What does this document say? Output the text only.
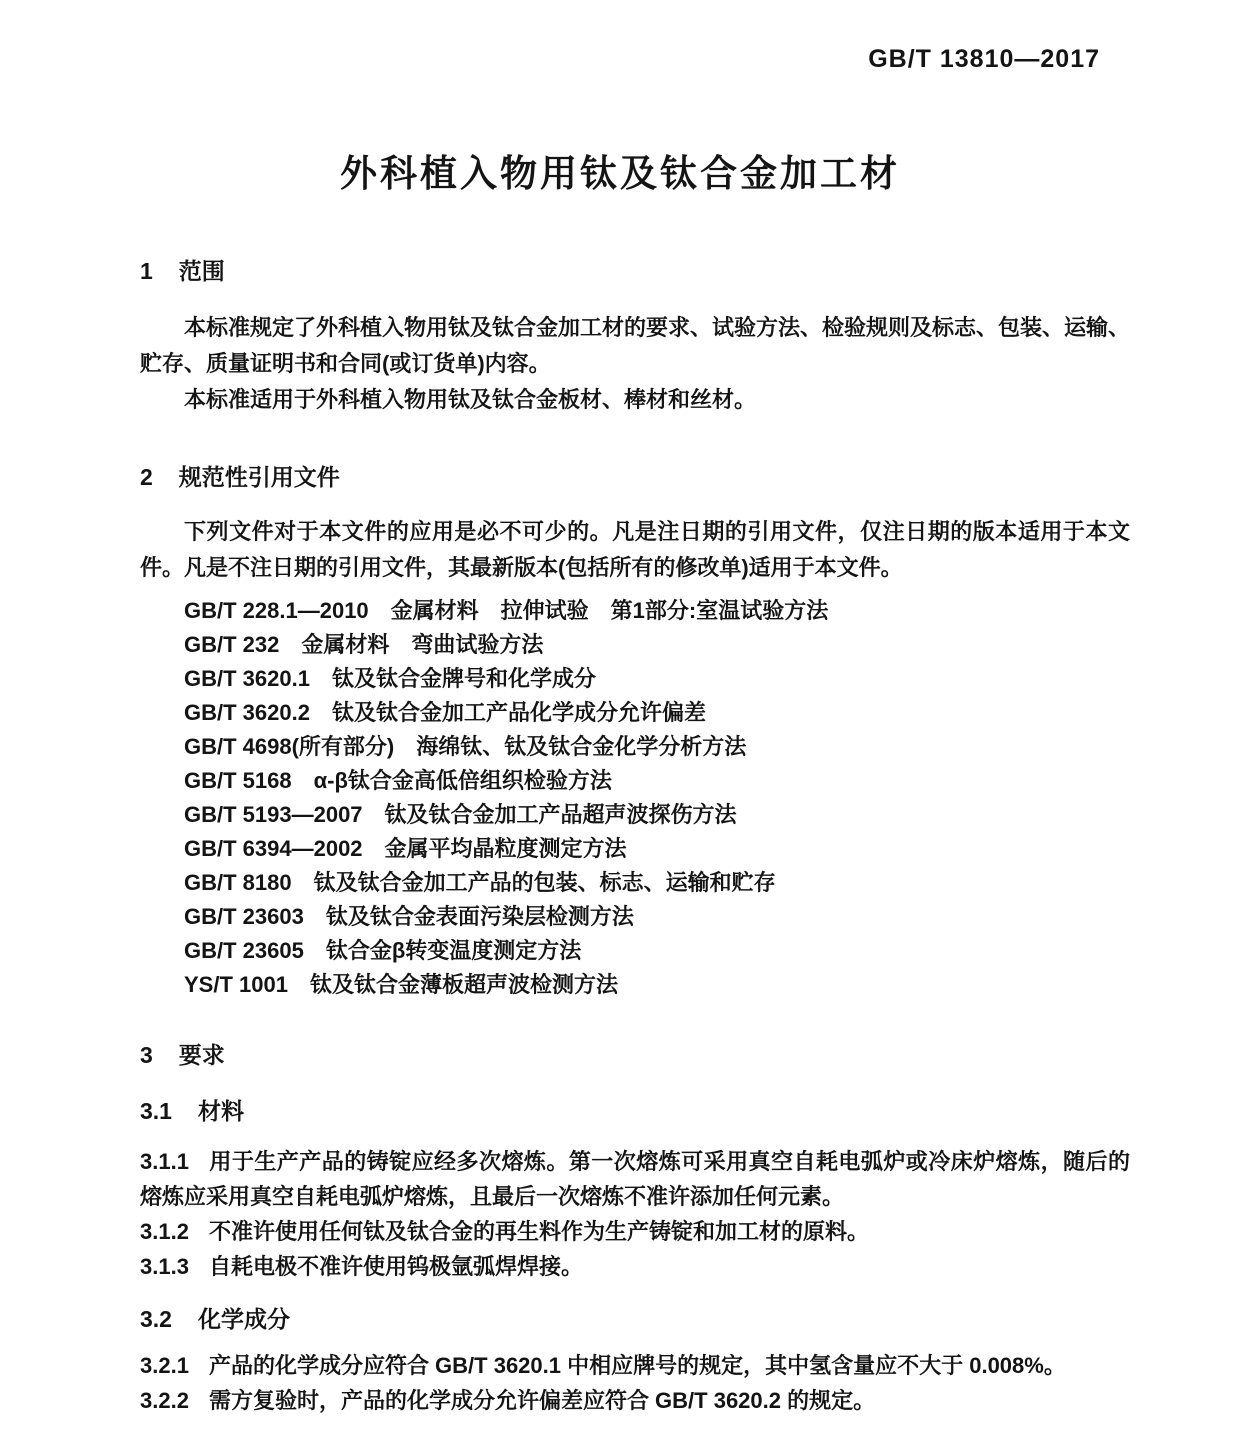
GB/T 13810—2017
外科植入物用钛及钛合金加工材
1 范围

本标准规定了外科植入物用钛及钛合金加工材的要求、试验方法、检验规则及标志、包装、运输、贮存、质量证明书和合同(或订货单)内容。

本标准适用于外科植入物用钛及钛合金板材、棒材和丝材。

2 规范性引用文件

下列文件对于本文件的应用是必不可少的。凡是注日期的引用文件，仅注日期的版本适用于本文件。凡是不注日期的引用文件，其最新版本(包括所有的修改单)适用于本文件。

GB/T 228.1—2010 金属材料　拉伸试验　第1部分:室温试验方法
GB/T 232 金属材料　弯曲试验方法
GB/T 3620.1 钛及钛合金牌号和化学成分
GB/T 3620.2 钛及钛合金加工产品化学成分允许偏差
GB/T 4698(所有部分) 海绵钛、钛及钛合金化学分析方法
GB/T 5168 α-β钛合金高低倍组织检验方法
GB/T 5193—2007 钛及钛合金加工产品超声波探伤方法
GB/T 6394—2002 金属平均晶粒度测定方法
GB/T 8180 钛及钛合金加工产品的包装、标志、运输和贮存
GB/T 23603 钛及钛合金表面污染层检测方法
GB/T 23605 钛合金β转变温度测定方法
YS/T 1001 钛及钛合金薄板超声波检测方法
3 要求
3.1 材料

3.1.1 用于生产产品的铸锭应经多次熔炼。第一次熔炼可采用真空自耗电弧炉或冷床炉熔炼，随后的熔炼应采用真空自耗电弧炉熔炼，且最后一次熔炼不准许添加任何元素。

3.1.2 不准许使用任何钛及钛合金的再生料作为生产铸锭和加工材的原料。

3.1.3 自耗电极不准许使用钨极氩弧焊焊接。

3.2 化学成分

3.2.1 产品的化学成分应符合 GB/T 3620.1 中相应牌号的规定，其中氢含量应不大于 0.008%。

3.2.2 需方复验时，产品的化学成分允许偏差应符合 GB/T 3620.2 的规定。
